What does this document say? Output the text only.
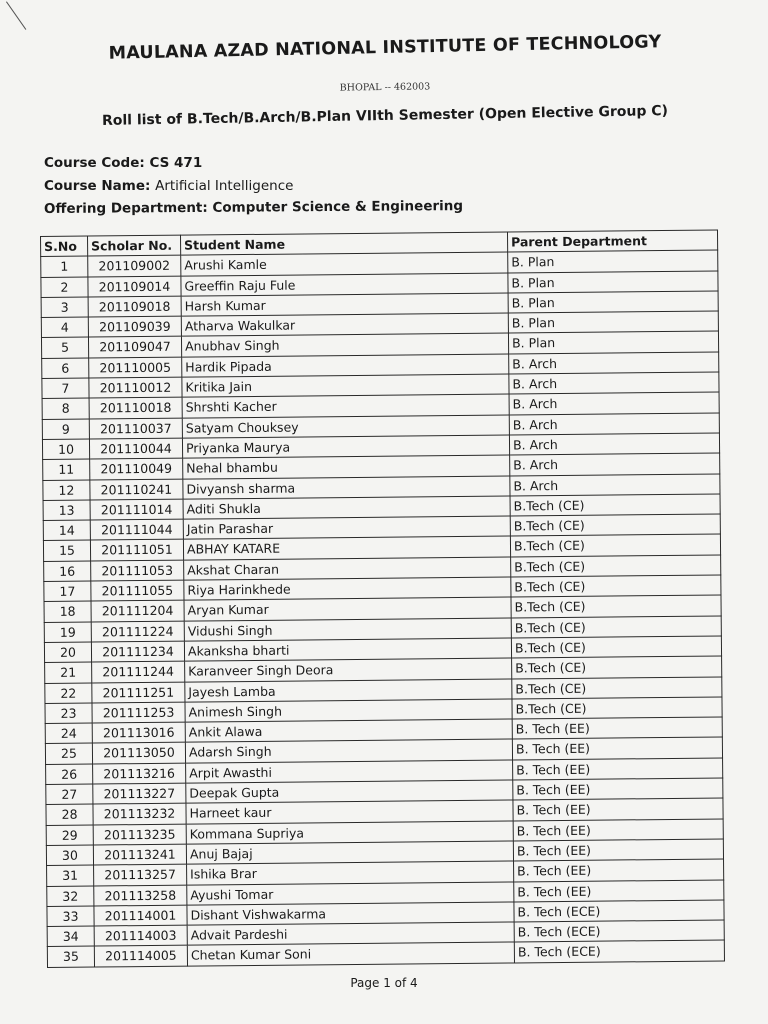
MAULANA AZAD NATIONAL INSTITUTE OF TECHNOLOGY
BHOPAL -- 462003
Roll list of B.Tech/B.Arch/B.Plan VIIth Semester (Open Elective Group C)
Course Code: CS 471
Course Name: Artificial Intelligence
Offering Department: Computer Science & Engineering
S.No	Scholar No.	Student Name	Parent Department
1	201109002	Arushi Kamle	B. Plan
2	201109014	Greeffin Raju Fule	B. Plan
3	201109018	Harsh Kumar	B. Plan
4	201109039	Atharva Wakulkar	B. Plan
5	201109047	Anubhav Singh	B. Plan
6	201110005	Hardik Pipada	B. Arch
7	201110012	Kritika Jain	B. Arch
8	201110018	Shrshti Kacher	B. Arch
9	201110037	Satyam Chouksey	B. Arch
10	201110044	Priyanka Maurya	B. Arch
11	201110049	Nehal bhambu	B. Arch
12	201110241	Divyansh sharma	B. Arch
13	201111014	Aditi Shukla	B.Tech (CE)
14	201111044	Jatin Parashar	B.Tech (CE)
15	201111051	ABHAY KATARE	B.Tech (CE)
16	201111053	Akshat Charan	B.Tech (CE)
17	201111055	Riya Harinkhede	B.Tech (CE)
18	201111204	Aryan Kumar	B.Tech (CE)
19	201111224	Vidushi Singh	B.Tech (CE)
20	201111234	Akanksha bharti	B.Tech (CE)
21	201111244	Karanveer Singh Deora	B.Tech (CE)
22	201111251	Jayesh Lamba	B.Tech (CE)
23	201111253	Animesh Singh	B.Tech (CE)
24	201113016	Ankit Alawa	B. Tech (EE)
25	201113050	Adarsh Singh	B. Tech (EE)
26	201113216	Arpit Awasthi	B. Tech (EE)
27	201113227	Deepak Gupta	B. Tech (EE)
28	201113232	Harneet kaur	B. Tech (EE)
29	201113235	Kommana Supriya	B. Tech (EE)
30	201113241	Anuj Bajaj	B. Tech (EE)
31	201113257	Ishika Brar	B. Tech (EE)
32	201113258	Ayushi Tomar	B. Tech (EE)
33	201114001	Dishant Vishwakarma	B. Tech (ECE)
34	201114003	Advait Pardeshi	B. Tech (ECE)
35	201114005	Chetan Kumar Soni	B. Tech (ECE)
Page 1 of 4
